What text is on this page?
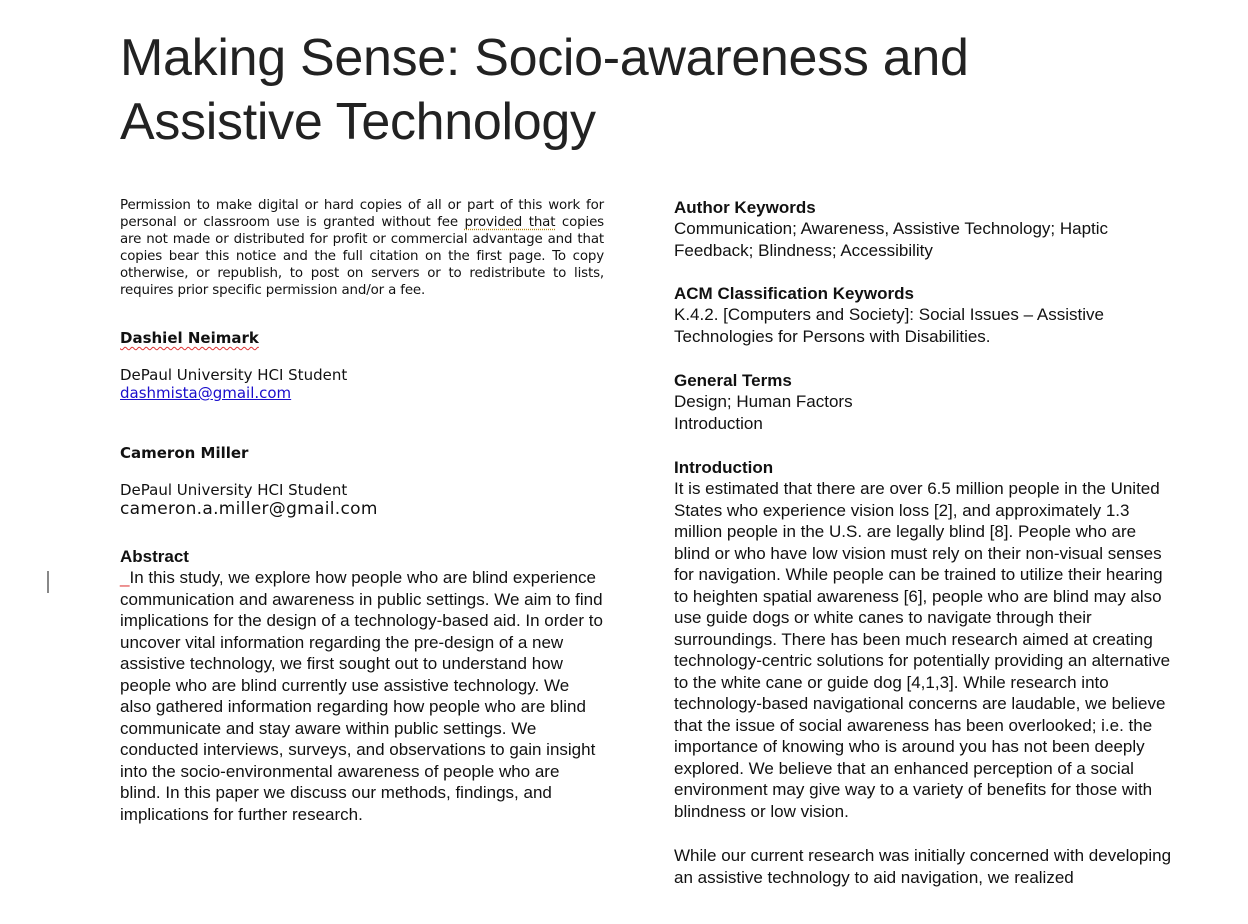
Making Sense: Socio-awareness and
Assistive Technology

Permission to make digital or hard copies of all or part of this work for personal or classroom use is granted without fee provided that copies are not made or distributed for profit or commercial advantage and that copies bear this notice and the full citation on the first page. To copy otherwise, or republish, to post on servers or to redistribute to lists, requires prior specific permission and/or a fee.

Dashiel Neimark

DePaul University HCI Student

dashmista@gmail.com

Cameron Miller

DePaul University HCI Student

cameron.a.miller@gmail.com

Abstract

_In this study, we explore how people who are blind experience communication and awareness in public settings. We aim to find implications for the design of a technology-based aid. In order to uncover vital information regarding the pre-design of a new assistive technology, we first sought out to understand how people who are blind currently use assistive technology. We also gathered information regarding how people who are blind communicate and stay aware within public settings. We conducted interviews, surveys, and observations to gain insight into the socio-environmental awareness of people who are blind. In this paper we discuss our methods, findings, and implications for further research.

Author Keywords

Communication; Awareness, Assistive Technology; Haptic Feedback; Blindness; Accessibility

ACM Classification Keywords

K.4.2. [Computers and Society]: Social Issues – Assistive Technologies for Persons with Disabilities.

General Terms

Design; Human Factors

Introduction

Introduction

It is estimated that there are over 6.5 million people in the United States who experience vision loss [2], and approximately 1.3 million people in the U.S. are legally blind [8]. People who are blind or who have low vision must rely on their non-visual senses for navigation. While people can be trained to utilize their hearing to heighten spatial awareness [6], people who are blind may also use guide dogs or white canes to navigate through their surroundings. There has been much research aimed at creating technology-centric solutions for potentially providing an alternative to the white cane or guide dog [4,1,3]. While research into technology-based navigational concerns are laudable, we believe that the issue of social awareness has been overlooked; i.e. the importance of knowing who is around you has not been deeply explored. We believe that an enhanced perception of a social environment may give way to a variety of benefits for those with blindness or low vision.

While our current research was initially concerned with developing an assistive technology to aid navigation, we realized
